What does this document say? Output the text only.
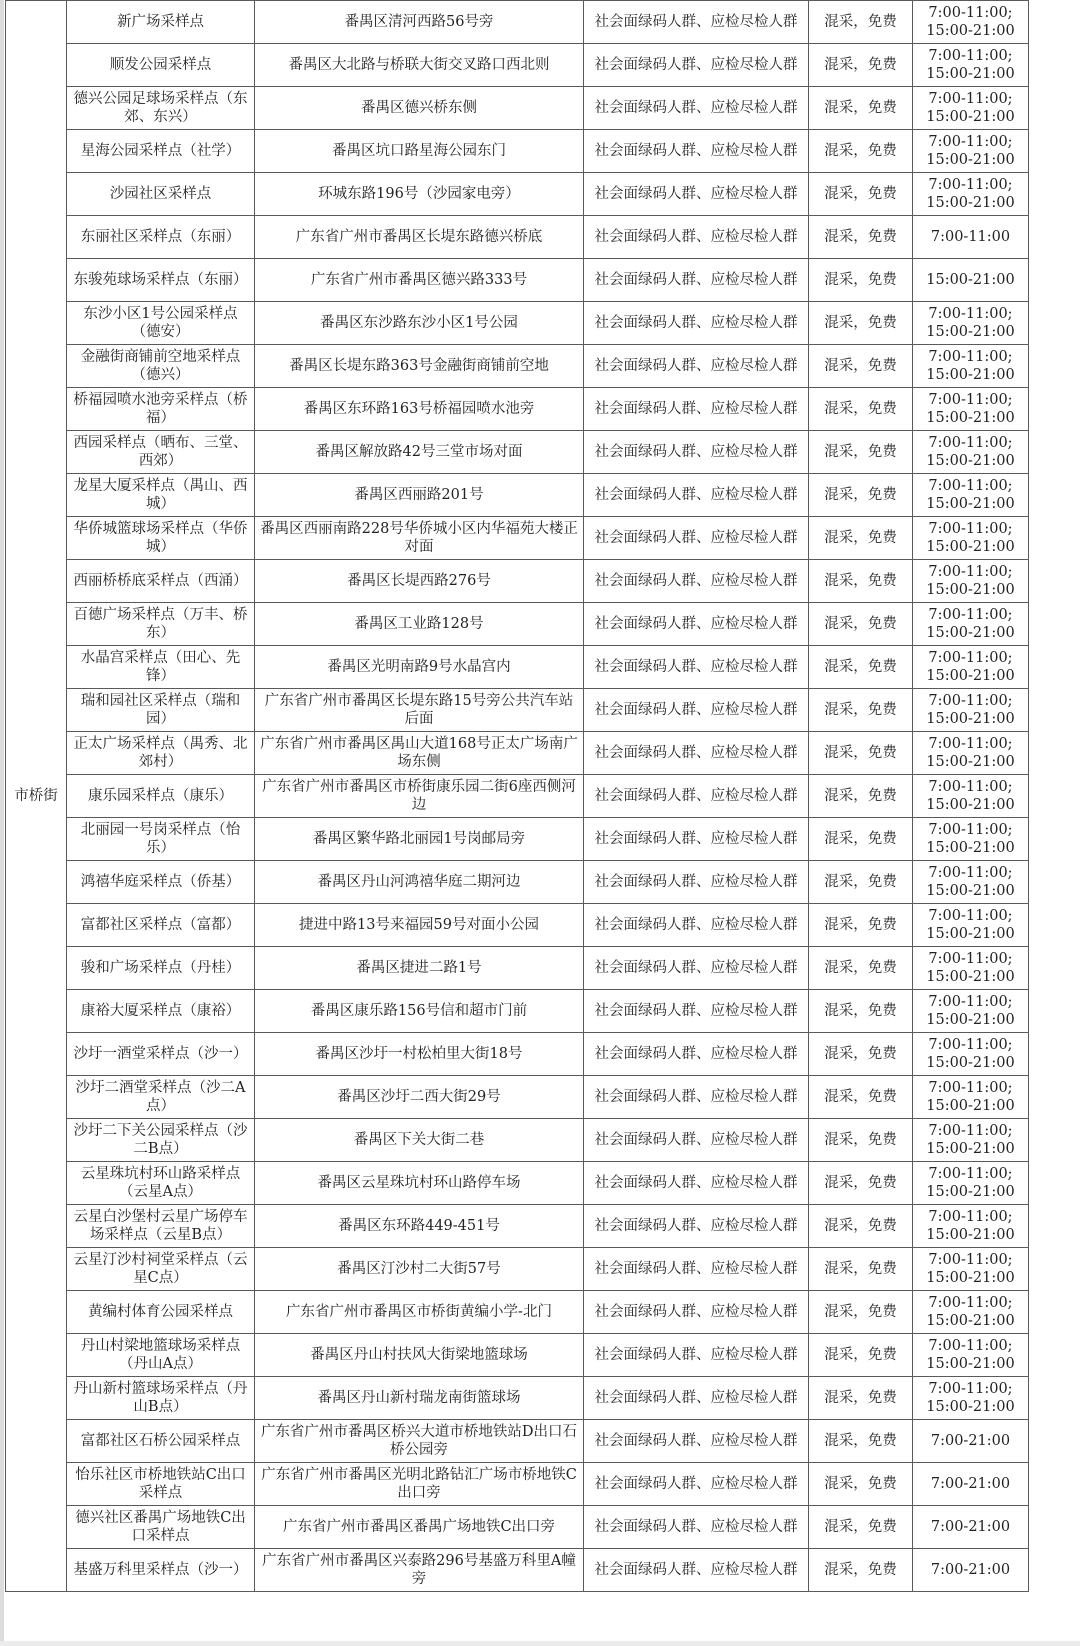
市桥街	新广场采样点	番禺区清河西路56号旁	社会面绿码人群、应检尽检人群	混采，免费	7:00-11:00;
15:00-21:00

	顺发公园采样点	番禺区大北路与桥联大街交叉路口西北则	社会面绿码人群、应检尽检人群	混采，免费	7:00-11:00;
15:00-21:00

	德兴公园足球场采样点（东郊、东兴）	番禺区德兴桥东侧	社会面绿码人群、应检尽检人群	混采，免费	7:00-11:00;
15:00-21:00

	星海公园采样点（社学）	番禺区坑口路星海公园东门	社会面绿码人群、应检尽检人群	混采，免费	7:00-11:00;
15:00-21:00

	沙园社区采样点	环城东路196号（沙园家电旁）	社会面绿码人群、应检尽检人群	混采，免费	7:00-11:00;
15:00-21:00

	东丽社区采样点（东丽）	广东省广州市番禺区长堤东路德兴桥底	社会面绿码人群、应检尽检人群	混采，免费	7:00-11:00

	东骏苑球场采样点（东丽）	广东省广州市番禺区德兴路333号	社会面绿码人群、应检尽检人群	混采，免费	15:00-21:00

	东沙小区1号公园采样点（德安）	番禺区东沙路东沙小区1号公园	社会面绿码人群、应检尽检人群	混采，免费	7:00-11:00;
15:00-21:00

	金融街商铺前空地采样点（德兴）	番禺区长堤东路363号金融街商铺前空地	社会面绿码人群、应检尽检人群	混采，免费	7:00-11:00;
15:00-21:00

	桥福园喷水池旁采样点（桥福）	番禺区东环路163号桥福园喷水池旁	社会面绿码人群、应检尽检人群	混采，免费	7:00-11:00;
15:00-21:00

	西园采样点（晒布、三堂、西郊）	番禺区解放路42号三堂市场对面	社会面绿码人群、应检尽检人群	混采，免费	7:00-11:00;
15:00-21:00

	龙星大厦采样点（禺山、西城）	番禺区西丽路201号	社会面绿码人群、应检尽检人群	混采，免费	7:00-11:00;
15:00-21:00

	华侨城篮球场采样点（华侨城）	番禺区西丽南路228号华侨城小区内华福苑大楼正对面	社会面绿码人群、应检尽检人群	混采，免费	7:00-11:00;
15:00-21:00

	西丽桥桥底采样点（西涌）	番禺区长堤西路276号	社会面绿码人群、应检尽检人群	混采，免费	7:00-11:00;
15:00-21:00

	百德广场采样点（万丰、桥东）	番禺区工业路128号	社会面绿码人群、应检尽检人群	混采，免费	7:00-11:00;
15:00-21:00

	水晶宫采样点（田心、先锋）	番禺区光明南路9号水晶宫内	社会面绿码人群、应检尽检人群	混采，免费	7:00-11:00;
15:00-21:00

	瑞和园社区采样点（瑞和园）	广东省广州市番禺区长堤东路15号旁公共汽车站后面	社会面绿码人群、应检尽检人群	混采，免费	7:00-11:00;
15:00-21:00

	正太广场采样点（禺秀、北郊村）	广东省广州市番禺区禺山大道168号正太广场南广场东侧	社会面绿码人群、应检尽检人群	混采，免费	7:00-11:00;
15:00-21:00

	康乐园采样点（康乐）	广东省广州市番禺区市桥街康乐园二街6座西侧河边	社会面绿码人群、应检尽检人群	混采，免费	7:00-11:00;
15:00-21:00

	北丽园一号岗采样点（怡乐）	番禺区繁华路北丽园1号岗邮局旁	社会面绿码人群、应检尽检人群	混采，免费	7:00-11:00;
15:00-21:00

	鸿禧华庭采样点（侨基）	番禺区丹山河鸿禧华庭二期河边	社会面绿码人群、应检尽检人群	混采，免费	7:00-11:00;
15:00-21:00

	富都社区采样点（富都）	捷进中路13号来福园59号对面小公园	社会面绿码人群、应检尽检人群	混采，免费	7:00-11:00;
15:00-21:00

	骏和广场采样点（丹桂）	番禺区捷进二路1号	社会面绿码人群、应检尽检人群	混采，免费	7:00-11:00;
15:00-21:00

	康裕大厦采样点（康裕）	番禺区康乐路156号信和超市门前	社会面绿码人群、应检尽检人群	混采，免费	7:00-11:00;
15:00-21:00

	沙圩一酒堂采样点（沙一）	番禺区沙圩一村松柏里大街18号	社会面绿码人群、应检尽检人群	混采，免费	7:00-11:00;
15:00-21:00

	沙圩二酒堂采样点（沙二A点）	番禺区沙圩二西大街29号	社会面绿码人群、应检尽检人群	混采，免费	7:00-11:00;
15:00-21:00

	沙圩二下关公园采样点（沙二B点）	番禺区下关大街二巷	社会面绿码人群、应检尽检人群	混采，免费	7:00-11:00;
15:00-21:00

	云星珠坑村环山路采样点（云星A点）	番禺区云星珠坑村环山路停车场	社会面绿码人群、应检尽检人群	混采，免费	7:00-11:00;
15:00-21:00

	云星白沙堡村云星广场停车场采样点（云星B点）	番禺区东环路449-451号	社会面绿码人群、应检尽检人群	混采，免费	7:00-11:00;
15:00-21:00

	云星汀沙村祠堂采样点（云星C点）	番禺区汀沙村二大街57号	社会面绿码人群、应检尽检人群	混采，免费	7:00-11:00;
15:00-21:00

	黄编村体育公园采样点	广东省广州市番禺区市桥街黄编小学-北门	社会面绿码人群、应检尽检人群	混采，免费	7:00-11:00;
15:00-21:00

	丹山村梁地篮球场采样点（丹山A点）	番禺区丹山村扶风大街梁地篮球场	社会面绿码人群、应检尽检人群	混采，免费	7:00-11:00;
15:00-21:00

	丹山新村篮球场采样点（丹山B点）	番禺区丹山新村瑞龙南街篮球场	社会面绿码人群、应检尽检人群	混采，免费	7:00-11:00;
15:00-21:00

	富都社区石桥公园采样点	广东省广州市番禺区桥兴大道市桥地铁站D出口石桥公园旁	社会面绿码人群、应检尽检人群	混采，免费	7:00-21:00

	怡乐社区市桥地铁站C出口采样点	广东省广州市番禺区光明北路钻汇广场市桥地铁C出口旁	社会面绿码人群、应检尽检人群	混采，免费	7:00-21:00

	德兴社区番禺广场地铁C出口采样点	广东省广州市番禺区番禺广场地铁C出口旁	社会面绿码人群、应检尽检人群	混采，免费	7:00-21:00

	基盛万科里采样点（沙一）	广东省广州市番禺区兴泰路296号基盛万科里A幢旁	社会面绿码人群、应检尽检人群	混采，免费	7:00-21:00
